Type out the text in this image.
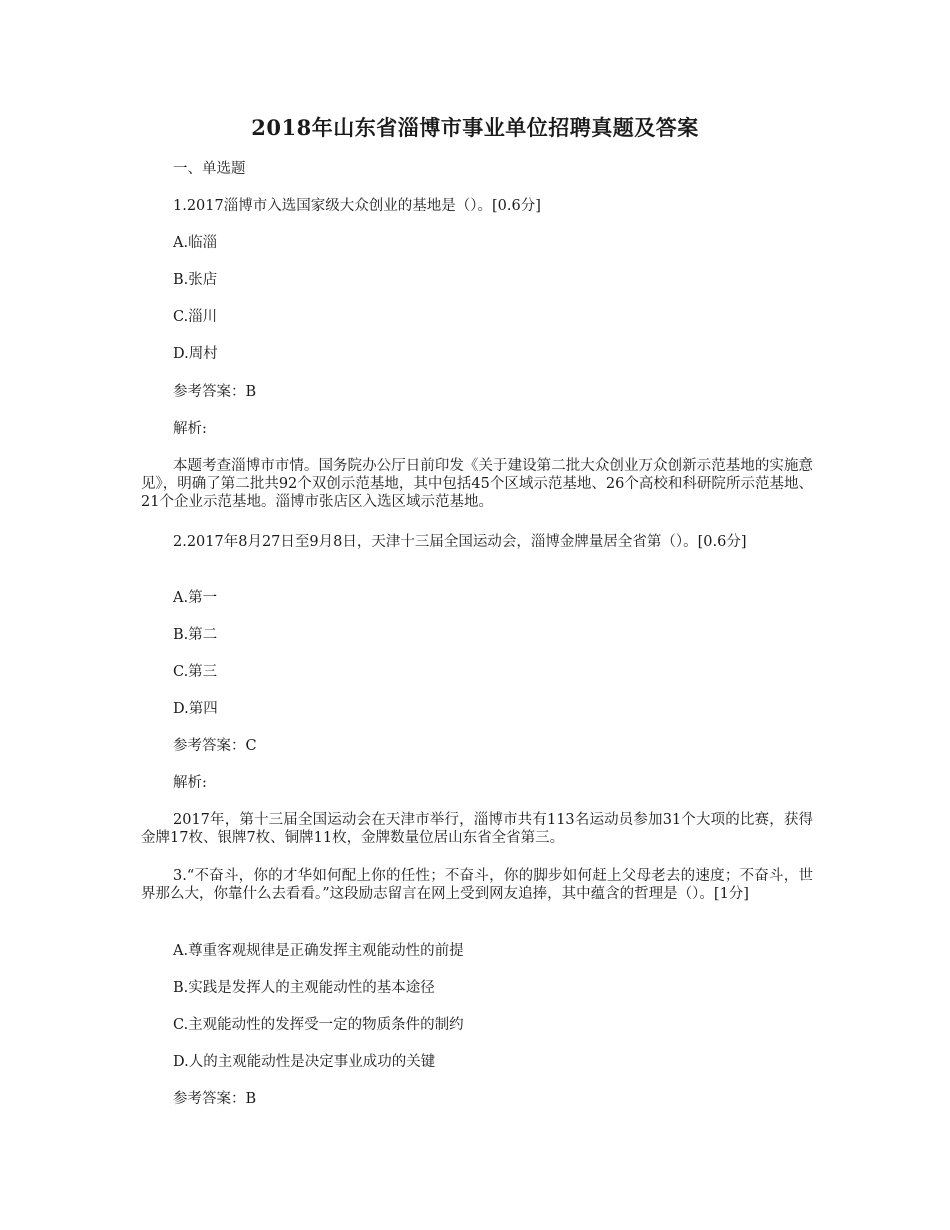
2018年山东省淄博市事业单位招聘真题及答案
一、单选题
1.2017淄博市入选国家级大众创业的基地是（）。[0.6分]
A.临淄
B.张店
C.淄川
D.周村
参考答案：B
解析:
本题考查淄博市市情。国务院办公厅日前印发《关于建设第二批大众创业万众创新示范基地的实施意见》，明确了第二批共92个双创示范基地，其中包括45个区域示范基地、26个高校和科研院所示范基地、21个企业示范基地。淄博市张店区入选区域示范基地。
2.2017年8月27日至9月8日，天津十三届全国运动会，淄博金牌量居全省第（）。[0.6分]
A.第一
B.第二
C.第三
D.第四
参考答案：C
解析:
2017年，第十三届全国运动会在天津市举行，淄博市共有113名运动员参加31个大项的比赛，获得金牌17枚、银牌7枚、铜牌11枚，金牌数量位居山东省全省第三。
3.“不奋斗，你的才华如何配上你的任性；不奋斗，你的脚步如何赶上父母老去的速度；不奋斗，世界那么大，你靠什么去看看。”这段励志留言在网上受到网友追捧，其中蕴含的哲理是（）。[1分]
A.尊重客观规律是正确发挥主观能动性的前提
B.实践是发挥人的主观能动性的基本途径
C.主观能动性的发挥受一定的物质条件的制约
D.人的主观能动性是决定事业成功的关键
参考答案：B
